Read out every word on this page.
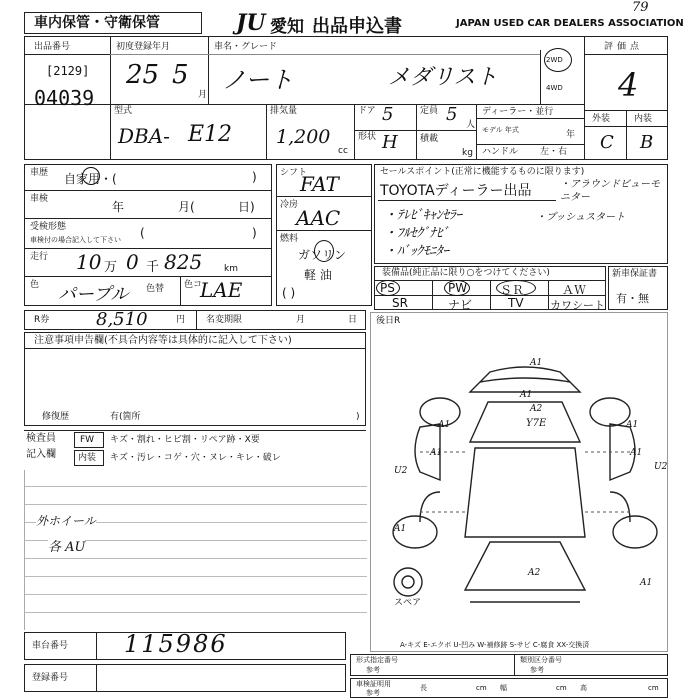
車内保管・守衛保管	JU 愛知 出品申込書	JAPAN USED CAR DEALERS ASSOCIATION
79
出品番号
[2129]
04039
初度登録年月
25 5
月
車名・グレード
ノート	メダリスト
2WD
4WD
評価点
4
外装	内装
C B
型式
DBA- E12
排気量
1,200
cc
ドア 5
形状 H
定員 5 人
積載
kg
ディーラー・並行
モデル 年式	年
ハンドル 左・右
車歴 自家用・(	)
車検
年	月(	日)
受検形態
車検付の場合記入して下さい (	)
走行 10 万 0 千 825 km
色 パープル 色替 色コ
LAE
シフト
FAT
冷房
AAC
燃料
ガソリン
軽 油
( )
セールスポイント(正常に機能するものに限ります)
TOYOTAディーラー出品
・ﾃﾚﾋﾞｷｬﾝｾﾗｰ
・ﾌﾙｾｸﾞﾅﾋﾞ
・ﾊﾞｯｸﾓﾆﾀｰ
・アラウンドビューモニター
・プッシュスタート
装備品(純正品に限り○をつけてください)
PS	PW	ＳＲ	ＡＷ
SR	ナビ	TV カワシート
新車保証書
有・無
R券	8,510	円 名変期限	月	日
注意事項申告欄(不具合内容等は具体的に記入して下さい)
修復歴	有(箇所	)
検査員
記入欄
FW キズ・割れ・ヒビ割・リペア跡・X要
内装 キズ・汚レ・コゲ・穴・ヌレ・キレ・破レ
外ホイール
各 AU
後日R
A1
A1
A2
A1	A1
A1	A1
U2	U2
Y7E
A1
A2
A1
スペア
A-キズ E-エクボ U-凹み W-補修跡 S-サビ C-腐食 XX-交換済
車台番号 115986
登録番号
形式指定番号
参考
類別区分番号
参考
車検証明用
参考
長	cm 幅	cm 高	cm
